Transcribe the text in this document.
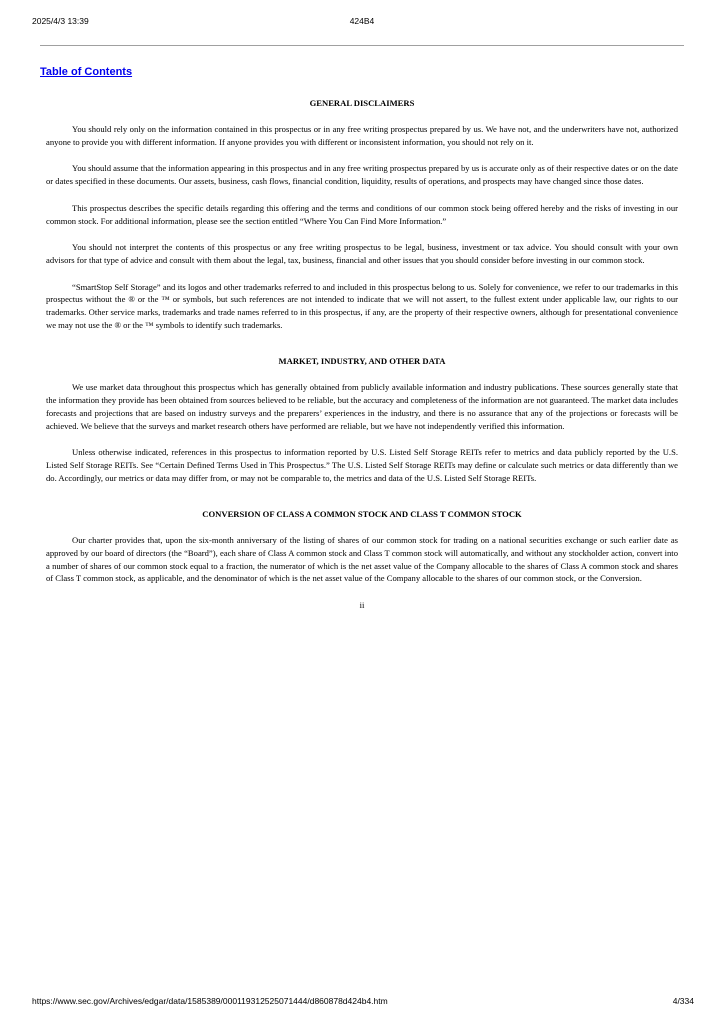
2025/4/3 13:39	424B4
Table of Contents
GENERAL DISCLAIMERS

You should rely only on the information contained in this prospectus or in any free writing prospectus prepared by us. We have not, and the underwriters have not, authorized anyone to provide you with different information. If anyone provides you with different or inconsistent information, you should not rely on it.

You should assume that the information appearing in this prospectus and in any free writing prospectus prepared by us is accurate only as of their respective dates or on the date or dates specified in these documents. Our assets, business, cash flows, financial condition, liquidity, results of operations, and prospects may have changed since those dates.

This prospectus describes the specific details regarding this offering and the terms and conditions of our common stock being offered hereby and the risks of investing in our common stock. For additional information, please see the section entitled “Where You Can Find More Information.”

You should not interpret the contents of this prospectus or any free writing prospectus to be legal, business, investment or tax advice. You should consult with your own advisors for that type of advice and consult with them about the legal, tax, business, financial and other issues that you should consider before investing in our common stock.

“SmartStop Self Storage” and its logos and other trademarks referred to and included in this prospectus belong to us. Solely for convenience, we refer to our trademarks in this prospectus without the ® or the ™ or symbols, but such references are not intended to indicate that we will not assert, to the fullest extent under applicable law, our rights to our trademarks. Other service marks, trademarks and trade names referred to in this prospectus, if any, are the property of their respective owners, although for presentational convenience we may not use the ® or the ™ symbols to identify such trademarks.

MARKET, INDUSTRY, AND OTHER DATA

We use market data throughout this prospectus which has generally obtained from publicly available information and industry publications. These sources generally state that the information they provide has been obtained from sources believed to be reliable, but the accuracy and completeness of the information are not guaranteed. The market data includes forecasts and projections that are based on industry surveys and the preparers’ experiences in the industry, and there is no assurance that any of the projections or forecasts will be achieved. We believe that the surveys and market research others have performed are reliable, but we have not independently verified this information.

Unless otherwise indicated, references in this prospectus to information reported by U.S. Listed Self Storage REITs refer to metrics and data publicly reported by the U.S. Listed Self Storage REITs. See “Certain Defined Terms Used in This Prospectus.” The U.S. Listed Self Storage REITs may define or calculate such metrics or data differently than we do. Accordingly, our metrics or data may differ from, or may not be comparable to, the metrics and data of the U.S. Listed Self Storage REITs.

CONVERSION OF CLASS A COMMON STOCK AND CLASS T COMMON STOCK

Our charter provides that, upon the six-month anniversary of the listing of shares of our common stock for trading on a national securities exchange or such earlier date as approved by our board of directors (the “Board”), each share of Class A common stock and Class T common stock will automatically, and without any stockholder action, convert into a number of shares of our common stock equal to a fraction, the numerator of which is the net asset value of the Company allocable to the shares of Class A common stock and shares of Class T common stock, as applicable, and the denominator of which is the net asset value of the Company allocable to the shares of our common stock, or the Conversion.

ii
https://www.sec.gov/Archives/edgar/data/1585389/000119312525071444/d860878d424b4.htm	4/334
